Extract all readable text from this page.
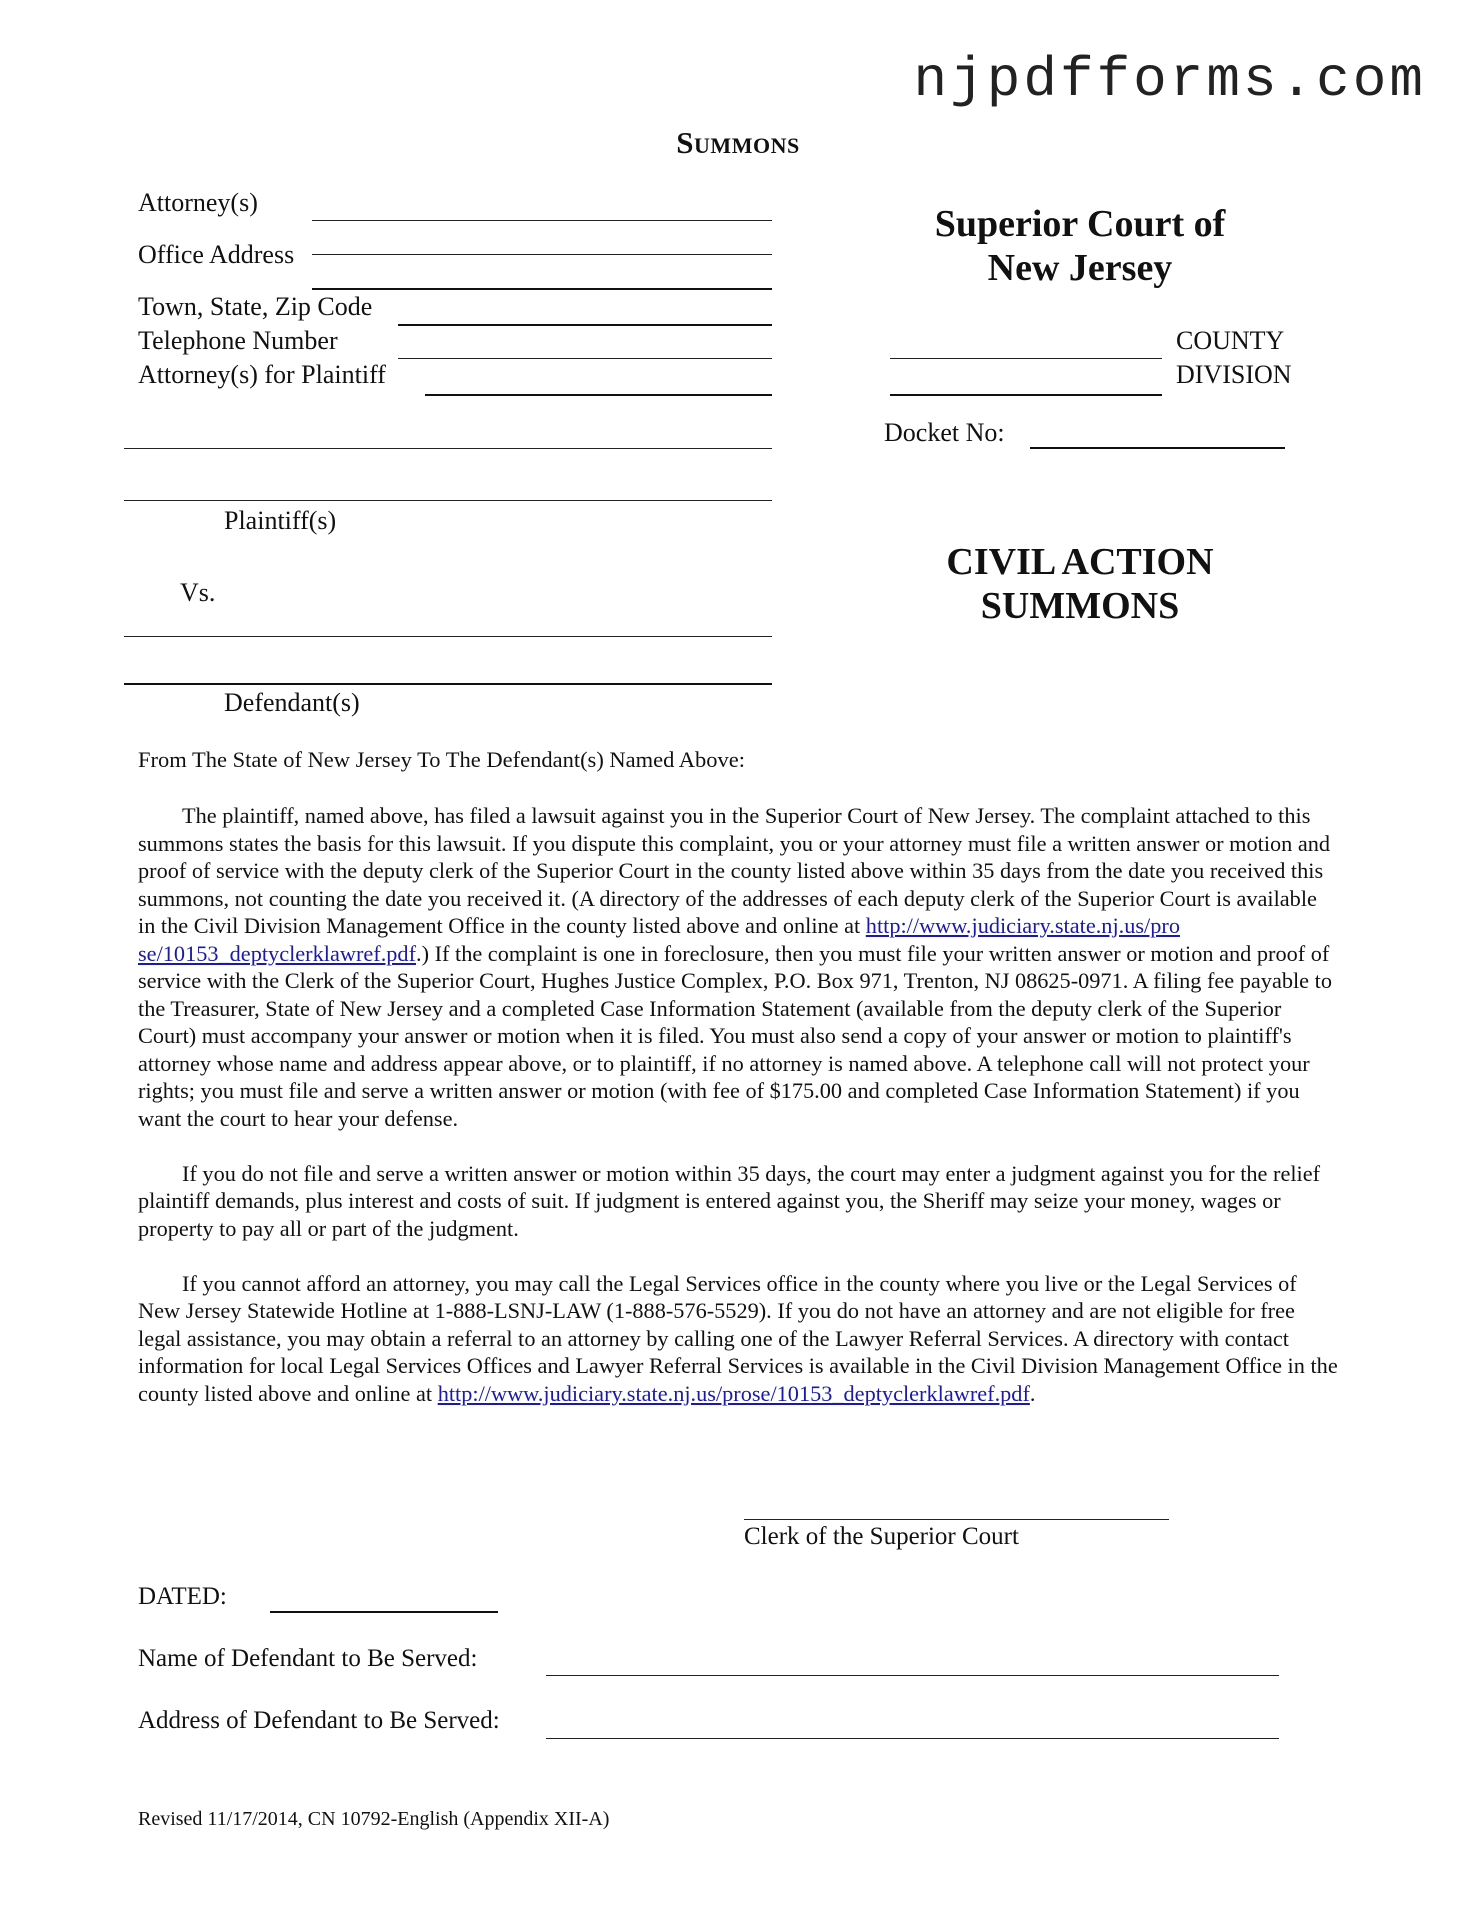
njpdfforms.com
Summons
Attorney(s)
Office Address
Town, State, Zip Code
Telephone Number
Attorney(s) for Plaintiff
Plaintiff(s)
Vs.
Defendant(s)
Superior Court of
New Jersey
COUNTY
DIVISION
Docket No:
CIVIL ACTION
SUMMONS
From The State of New Jersey To The Defendant(s) Named Above:

The plaintiff, named above, has filed a lawsuit against you in the Superior Court of New Jersey. The complaint attached to this summons states the basis for this lawsuit. If you dispute this complaint, you or your attorney must file a written answer or motion and proof of service with the deputy clerk of the Superior Court in the county listed above within 35 days from the date you received this summons, not counting the date you received it. (A directory of the addresses of each deputy clerk of the Superior Court is available in the Civil Division Management Office in the county listed above and online at http://www.judiciary.state.nj.us/pro se/10153_deptyclerklawref.pdf.) If the complaint is one in foreclosure, then you must file your written answer or motion and proof of service with the Clerk of the Superior Court, Hughes Justice Complex, P.O. Box 971, Trenton, NJ 08625-0971. A filing fee payable to the Treasurer, State of New Jersey and a completed Case Information Statement (available from the deputy clerk of the Superior Court) must accompany your answer or motion when it is filed. You must also send a copy of your answer or motion to plaintiff's attorney whose name and address appear above, or to plaintiff, if no attorney is named above. A telephone call will not protect your rights; you must file and serve a written answer or motion (with fee of $175.00 and completed Case Information Statement) if you want the court to hear your defense.

If you do not file and serve a written answer or motion within 35 days, the court may enter a judgment against you for the relief plaintiff demands, plus interest and costs of suit. If judgment is entered against you, the Sheriff may seize your money, wages or property to pay all or part of the judgment.

If you cannot afford an attorney, you may call the Legal Services office in the county where you live or the Legal Services of New Jersey Statewide Hotline at 1-888-LSNJ-LAW (1-888-576-5529). If you do not have an attorney and are not eligible for free legal assistance, you may obtain a referral to an attorney by calling one of the Lawyer Referral Services. A directory with contact information for local Legal Services Offices and Lawyer Referral Services is available in the Civil Division Management Office in the county listed above and online at http://www.judiciary.state.nj.us/prose/10153_deptyclerklawref.pdf.

Clerk of the Superior Court
DATED:
Name of Defendant to Be Served:
Address of Defendant to Be Served:
Revised 11/17/2014, CN 10792-English (Appendix XII-A)
